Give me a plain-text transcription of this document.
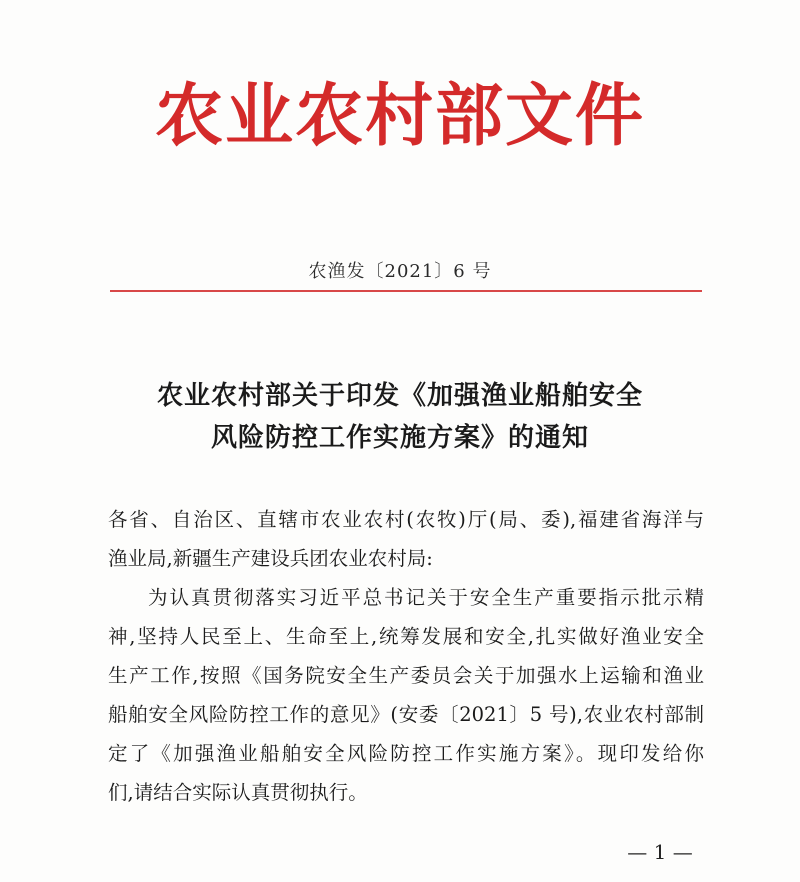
农业农村部文件
农渔发〔2021〕6 号
农业农村部关于印发《加强渔业船舶安全
风险防控工作实施方案》的通知
各省、自治区、直辖市农业农村(农牧)厅(局、委),福建省海洋与
渔业局,新疆生产建设兵团农业农村局:
为认真贯彻落实习近平总书记关于安全生产重要指示批示精
神,坚持人民至上、生命至上,统筹发展和安全,扎实做好渔业安全
生产工作,按照《国务院安全生产委员会关于加强水上运输和渔业
船舶安全风险防控工作的意见》(安委〔2021〕5 号),农业农村部制
定了《加强渔业船舶安全风险防控工作实施方案》。现印发给你
们,请结合实际认真贯彻执行。
— 1 —
